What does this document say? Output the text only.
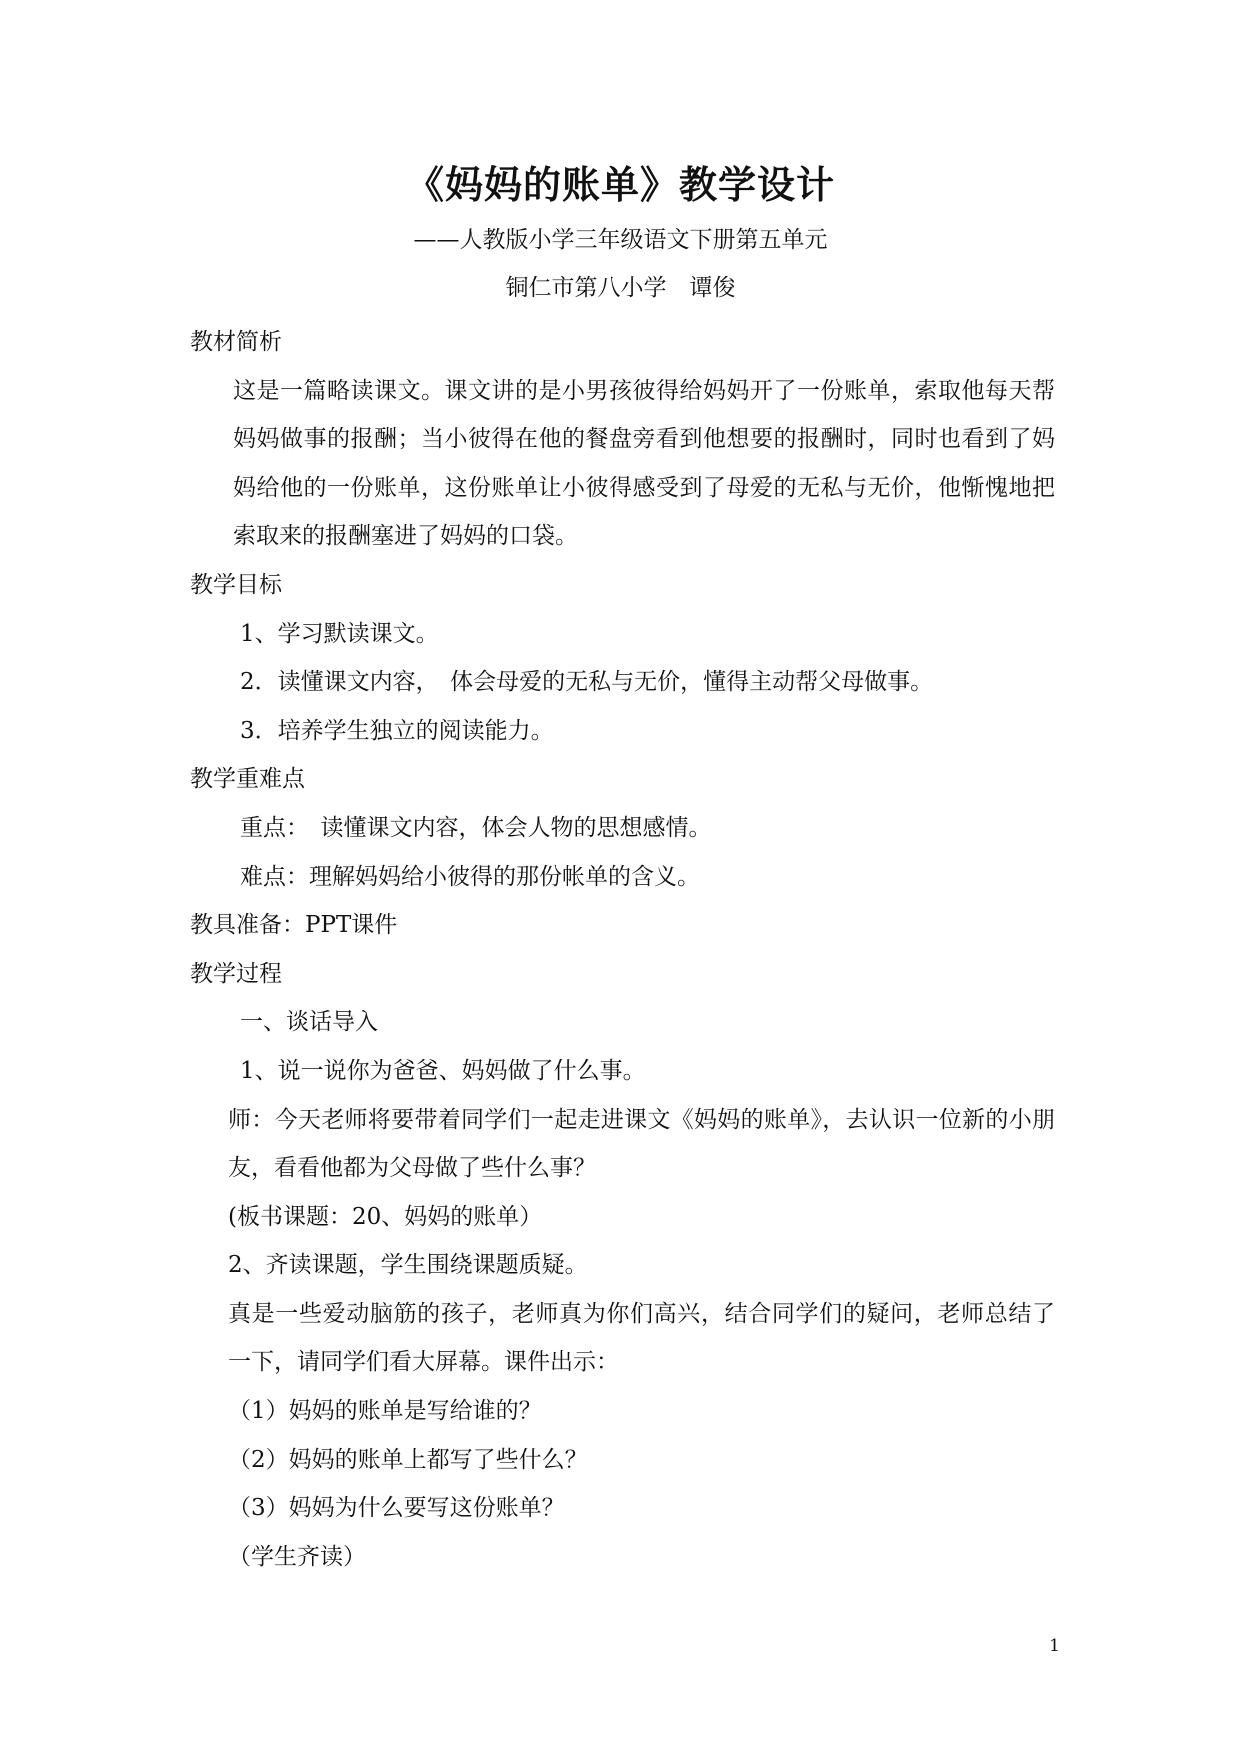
《妈妈的账单》教学设计
——人教版小学三年级语文下册第五单元
铜仁市第八小学　谭俊

教材简析

这是一篇略读课文。课文讲的是小男孩彼得给妈妈开了一份账单，索取他每天帮妈妈做事的报酬；当小彼得在他的餐盘旁看到他想要的报酬时，同时也看到了妈妈给他的一份账单，这份账单让小彼得感受到了母爱的无私与无价，他惭愧地把索取来的报酬塞进了妈妈的口袋。

教学目标

1、学习默读课文。

2．读懂课文内容，　体会母爱的无私与无价，懂得主动帮父母做事。

3．培养学生独立的阅读能力。

教学重难点

重点：　读懂课文内容，体会人物的思想感情。

难点：理解妈妈给小彼得的那份帐单的含义。

教具准备：PPT课件

教学过程

一、谈话导入

1、说一说你为爸爸、妈妈做了什么事。

师：今天老师将要带着同学们一起走进课文《妈妈的账单》，去认识一位新的小朋友，看看他都为父母做了些什么事？

(板书课题：20、妈妈的账单）

2、齐读课题，学生围绕课题质疑。

真是一些爱动脑筋的孩子，老师真为你们高兴，结合同学们的疑问，老师总结了一下，请同学们看大屏幕。课件出示：

（1）妈妈的账单是写给谁的？

（2）妈妈的账单上都写了些什么？

（3）妈妈为什么要写这份账单？

（学生齐读）

1
